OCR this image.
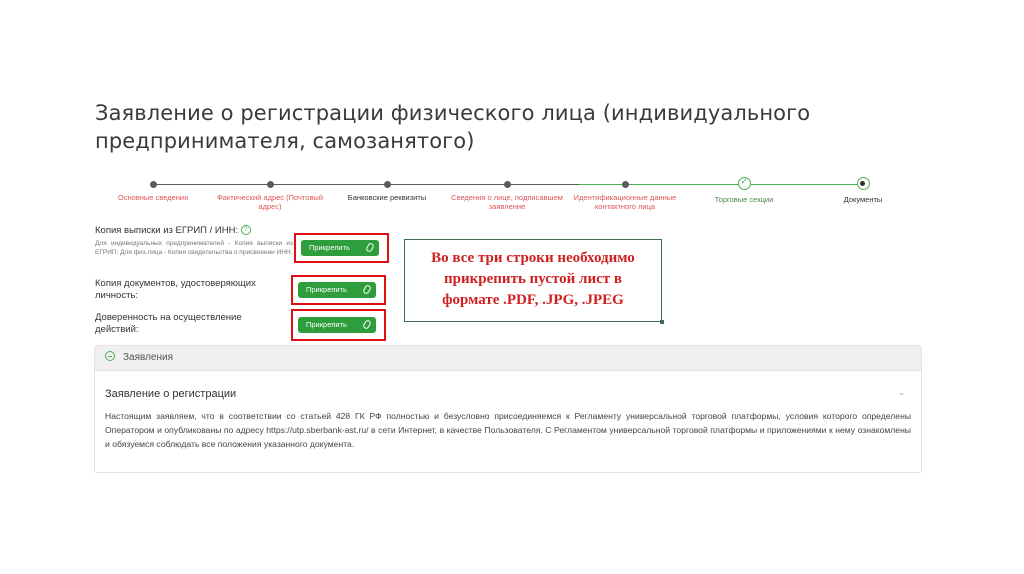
Заявление о регистрации физического лица (индивидуального предпринимателя, самозанятого)
Основные сведения	Фактический адрес (Почтовый адрес)
Банковские реквизиты	Сведения о лице, подписавшем заявление
Идентификационные данные контактного лица
✓
Торговые секции	Документы
Копия выписки из ЕГРИП / ИНН: ?
Для индивидуальных предпринимателей - Копия выписки из ЕГРИП; Для физ.лица - Копия свидетельства о присвоении ИНН.
Прикрепить
Копия документов, удостоверяющих личность:
Прикрепить
Доверенность на осуществление действий:	Прикрепить
Во все три строки необходимо
прикрепить пустой лист в
формате .PDF, .JPG, .JPEG
Заявления
Заявление о регистрации	⌄
Настоящим заявляем, что в соответствии со статьей 428 ГК РФ полностью и безусловно присоединяемся к Регламенту универсальной торговой платформы, условия которого определены Оператором и опубликованы по адресу https://utp.sberbank-ast.ru/ в сети Интернет, в качестве Пользователя. С Регламентом универсальной торговой платформы и приложениями к нему ознакомлены и обязуемся соблюдать все положения указанного документа.
